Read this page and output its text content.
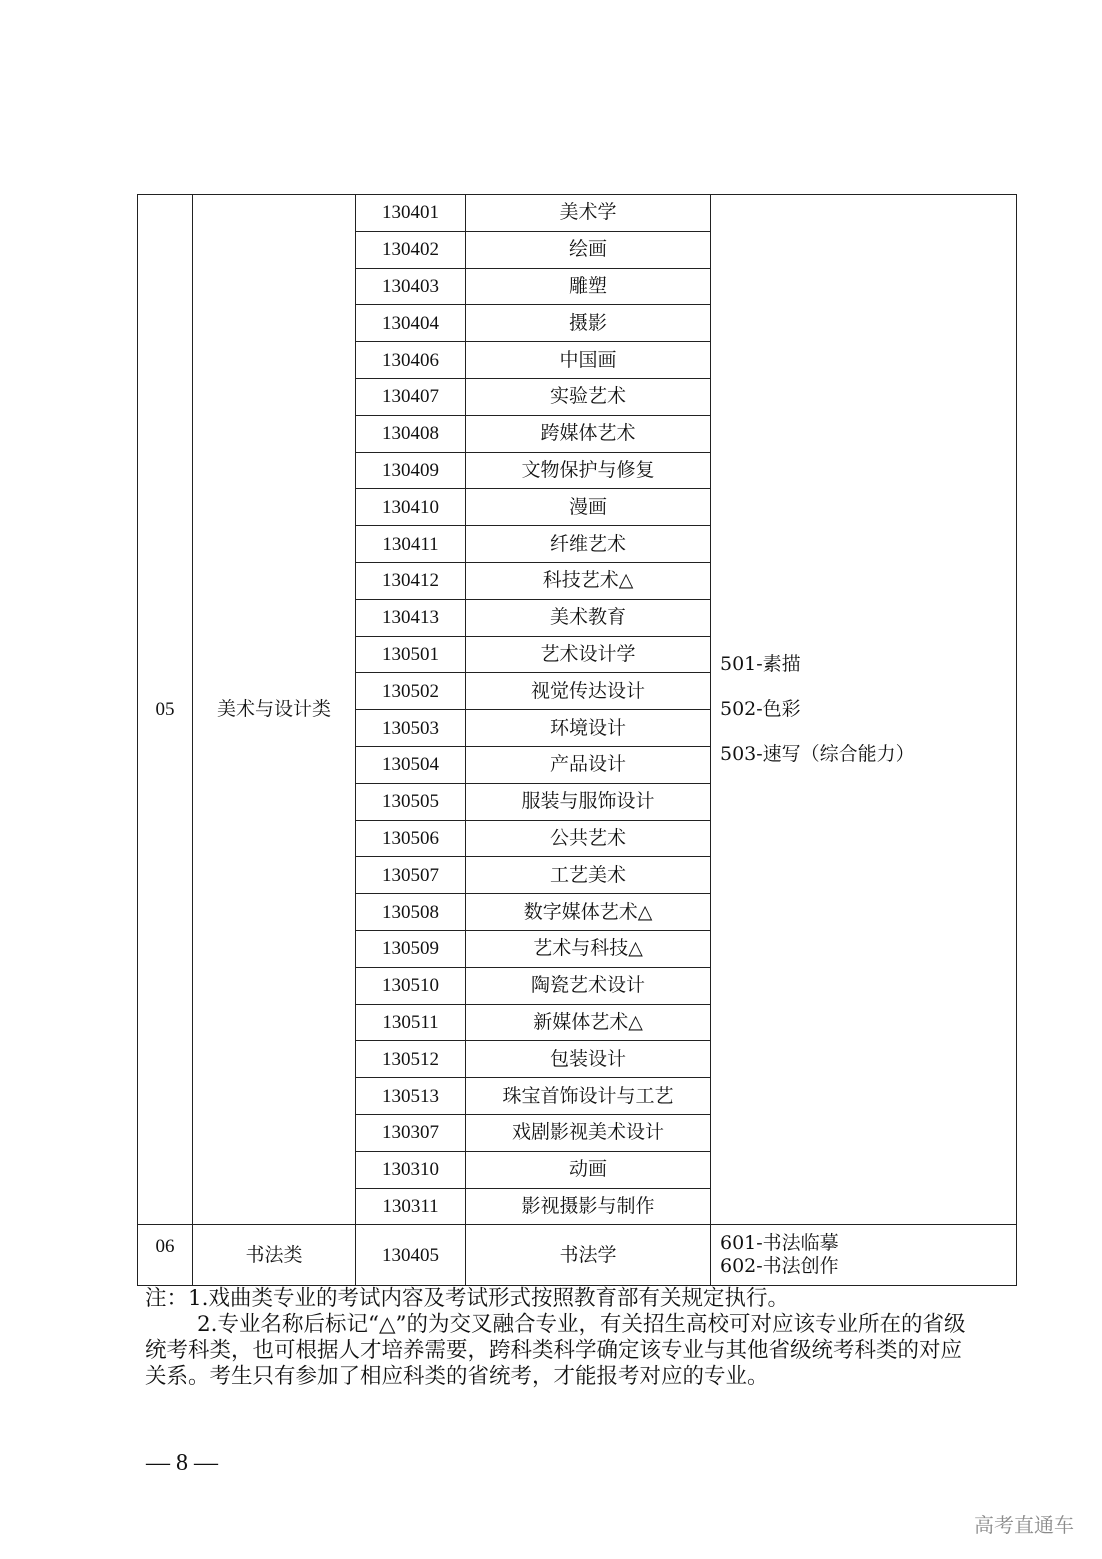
05	美术与设计类	130401	美术学	501-素描
502-色彩
503-速写（综合能力）

		130402	绘画	
		130403	雕塑	
		130404	摄影	
		130406	中国画	
		130407	实验艺术	
		130408	跨媒体艺术	
		130409	文物保护与修复	
		130410	漫画	
		130411	纤维艺术	
		130412	科技艺术△	
		130413	美术教育	
		130501	艺术设计学	
		130502	视觉传达设计	
		130503	环境设计	
		130504	产品设计	
		130505	服装与服饰设计	
		130506	公共艺术	
		130507	工艺美术	
		130508	数字媒体艺术△	
		130509	艺术与科技△	
		130510	陶瓷艺术设计	
		130511	新媒体艺术△	
		130512	包装设计	
		130513	珠宝首饰设计与工艺	
		130307	戏剧影视美术设计	
		130310	动画	
		130311	影视摄影与制作	
06	书法类	130405	书法学	601-书法临摹
602-书法创作

注：1.戏曲类专业的考试内容及考试形式按照教育部有关规定执行。

2.专业名称后标记“△”的为交叉融合专业，有关招生高校可对应该专业所在的省级统考科类，也可根据人才培养需要，跨科类科学确定该专业与其他省级统考科类的对应关系。考生只有参加了相应科类的省统考，才能报考对应的专业。

— 8 —
高考直通车
